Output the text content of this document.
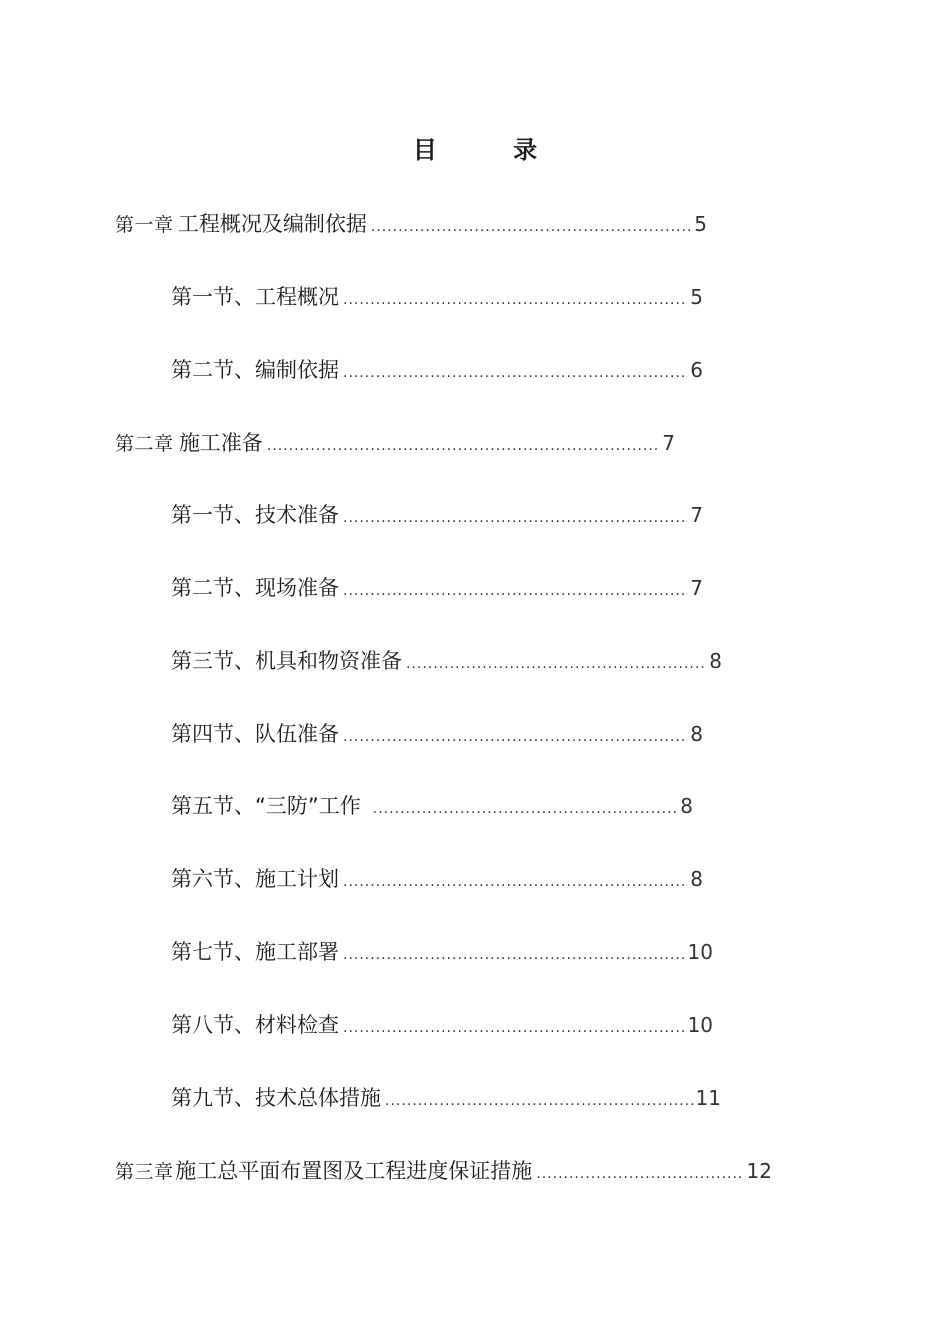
目 录
第一章 工程概况及编制依据 .....	5
第一节、工程概况 .....	5
第二节、编制依据 .....	6
第二章 施工准备 .....	7
第一节、技术准备 .....	7
第二节、现场准备 .....	7
第三节、机具和物资准备 .....	8
第四节、队伍准备 .....	8
第五节、“三防”工作 .....	8
第六节、施工计划 .....	8
第七节、施工部署 .....	10
第八节、材料检查 .....	10
第九节、技术总体措施 .....	11
第三章 施工总平面布置图及工程进度保证措施 .....	12
